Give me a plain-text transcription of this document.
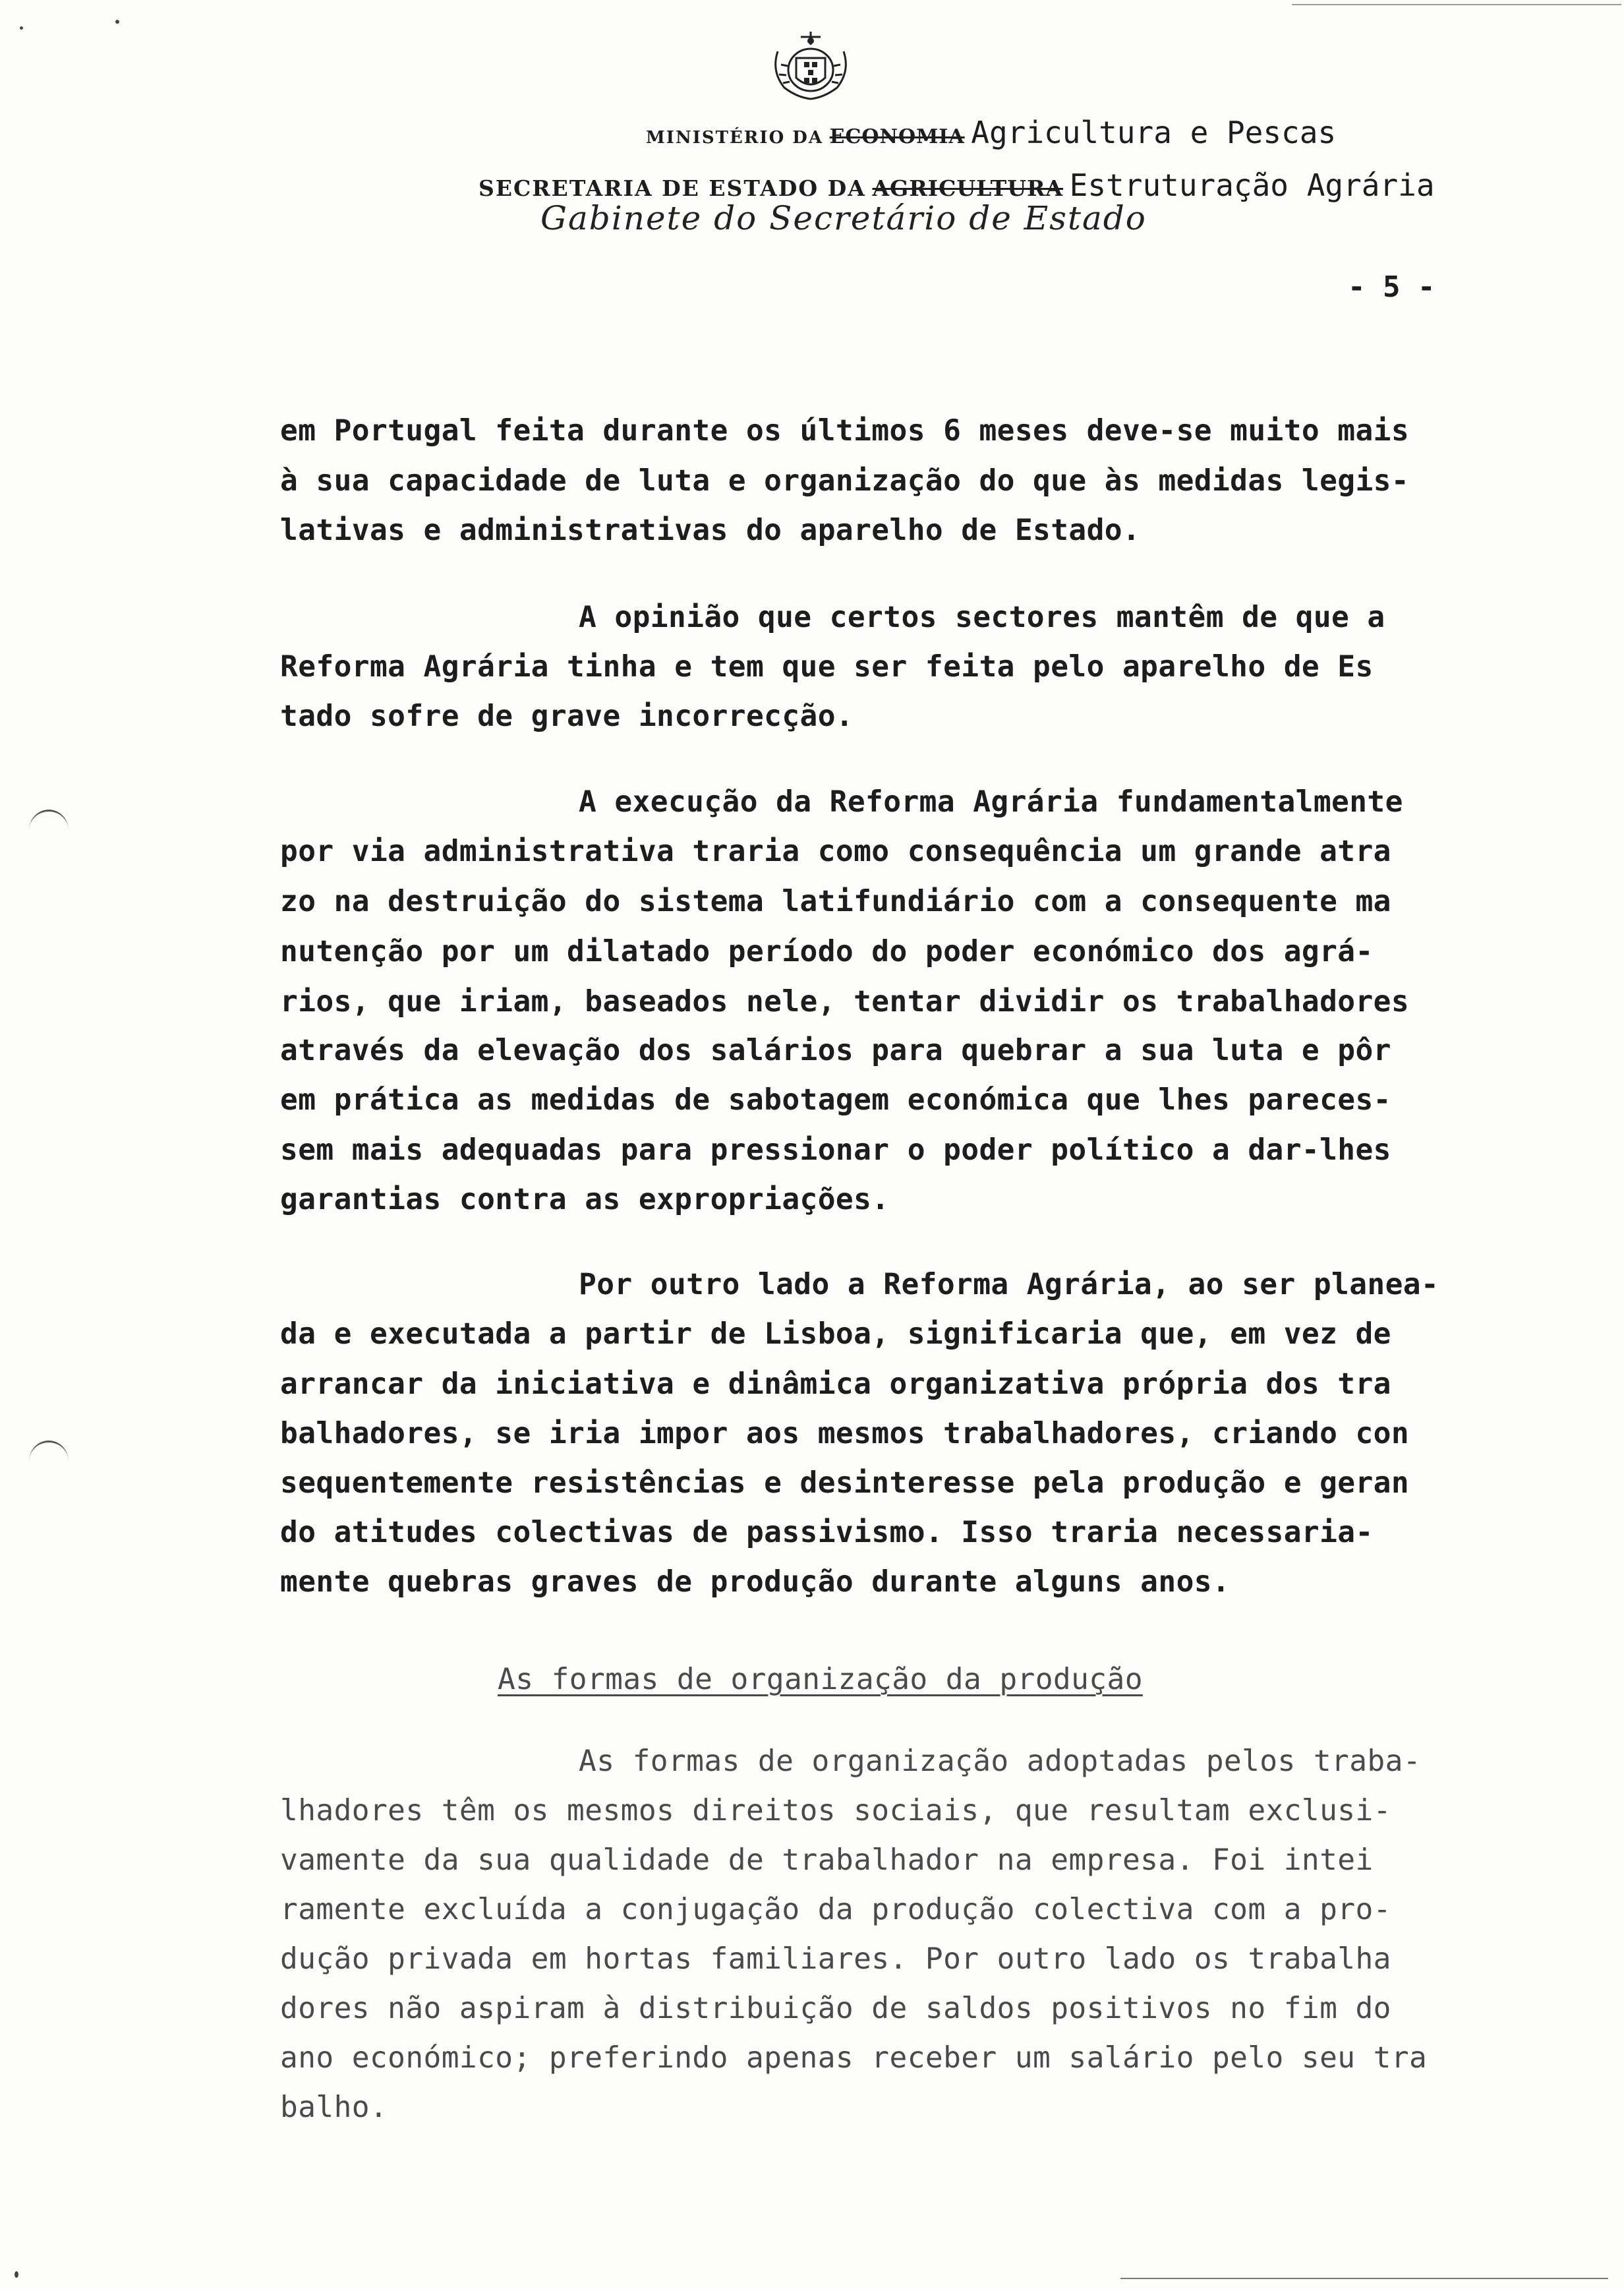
MINISTÉRIO DA ECONOMIA Agricultura e Pescas
SECRETARIA DE ESTADO DA AGRICULTURA Estruturação Agrária
Gabinete do Secretário de Estado
- 5 -
em Portugal feita durante os últimos 6 meses deve-se muito mais
à sua capacidade de luta e organização do que às medidas legis-
lativas e administrativas do aparelho de Estado.
A opinião que certos sectores mantêm de que a
Reforma Agrária tinha e tem que ser feita pelo aparelho de Es
tado sofre de grave incorrecção.
A execução da Reforma Agrária fundamentalmente
por via administrativa traria como consequência um grande atra
zo na destruição do sistema latifundiário com a consequente ma
nutenção por um dilatado período do poder económico dos agrá-
rios, que iriam, baseados nele, tentar dividir os trabalhadores
através da elevação dos salários para quebrar a sua luta e pôr
em prática as medidas de sabotagem económica que lhes pareces-
sem mais adequadas para pressionar o poder político a dar-lhes
garantias contra as expropriações.
Por outro lado a Reforma Agrária, ao ser planea-
da e executada a partir de Lisboa, significaria que, em vez de
arrancar da iniciativa e dinâmica organizativa própria dos tra
balhadores, se iria impor aos mesmos trabalhadores, criando con
sequentemente resistências e desinteresse pela produção e geran
do atitudes colectivas de passivismo. Isso traria necessaria-
mente quebras graves de produção durante alguns anos.
As formas de organização da produção
As formas de organização adoptadas pelos traba-
lhadores têm os mesmos direitos sociais, que resultam exclusi-
vamente da sua qualidade de trabalhador na empresa. Foi intei
ramente excluída a conjugação da produção colectiva com a pro-
dução privada em hortas familiares. Por outro lado os trabalha
dores não aspiram à distribuição de saldos positivos no fim do
ano económico; preferindo apenas receber um salário pelo seu tra
balho.
